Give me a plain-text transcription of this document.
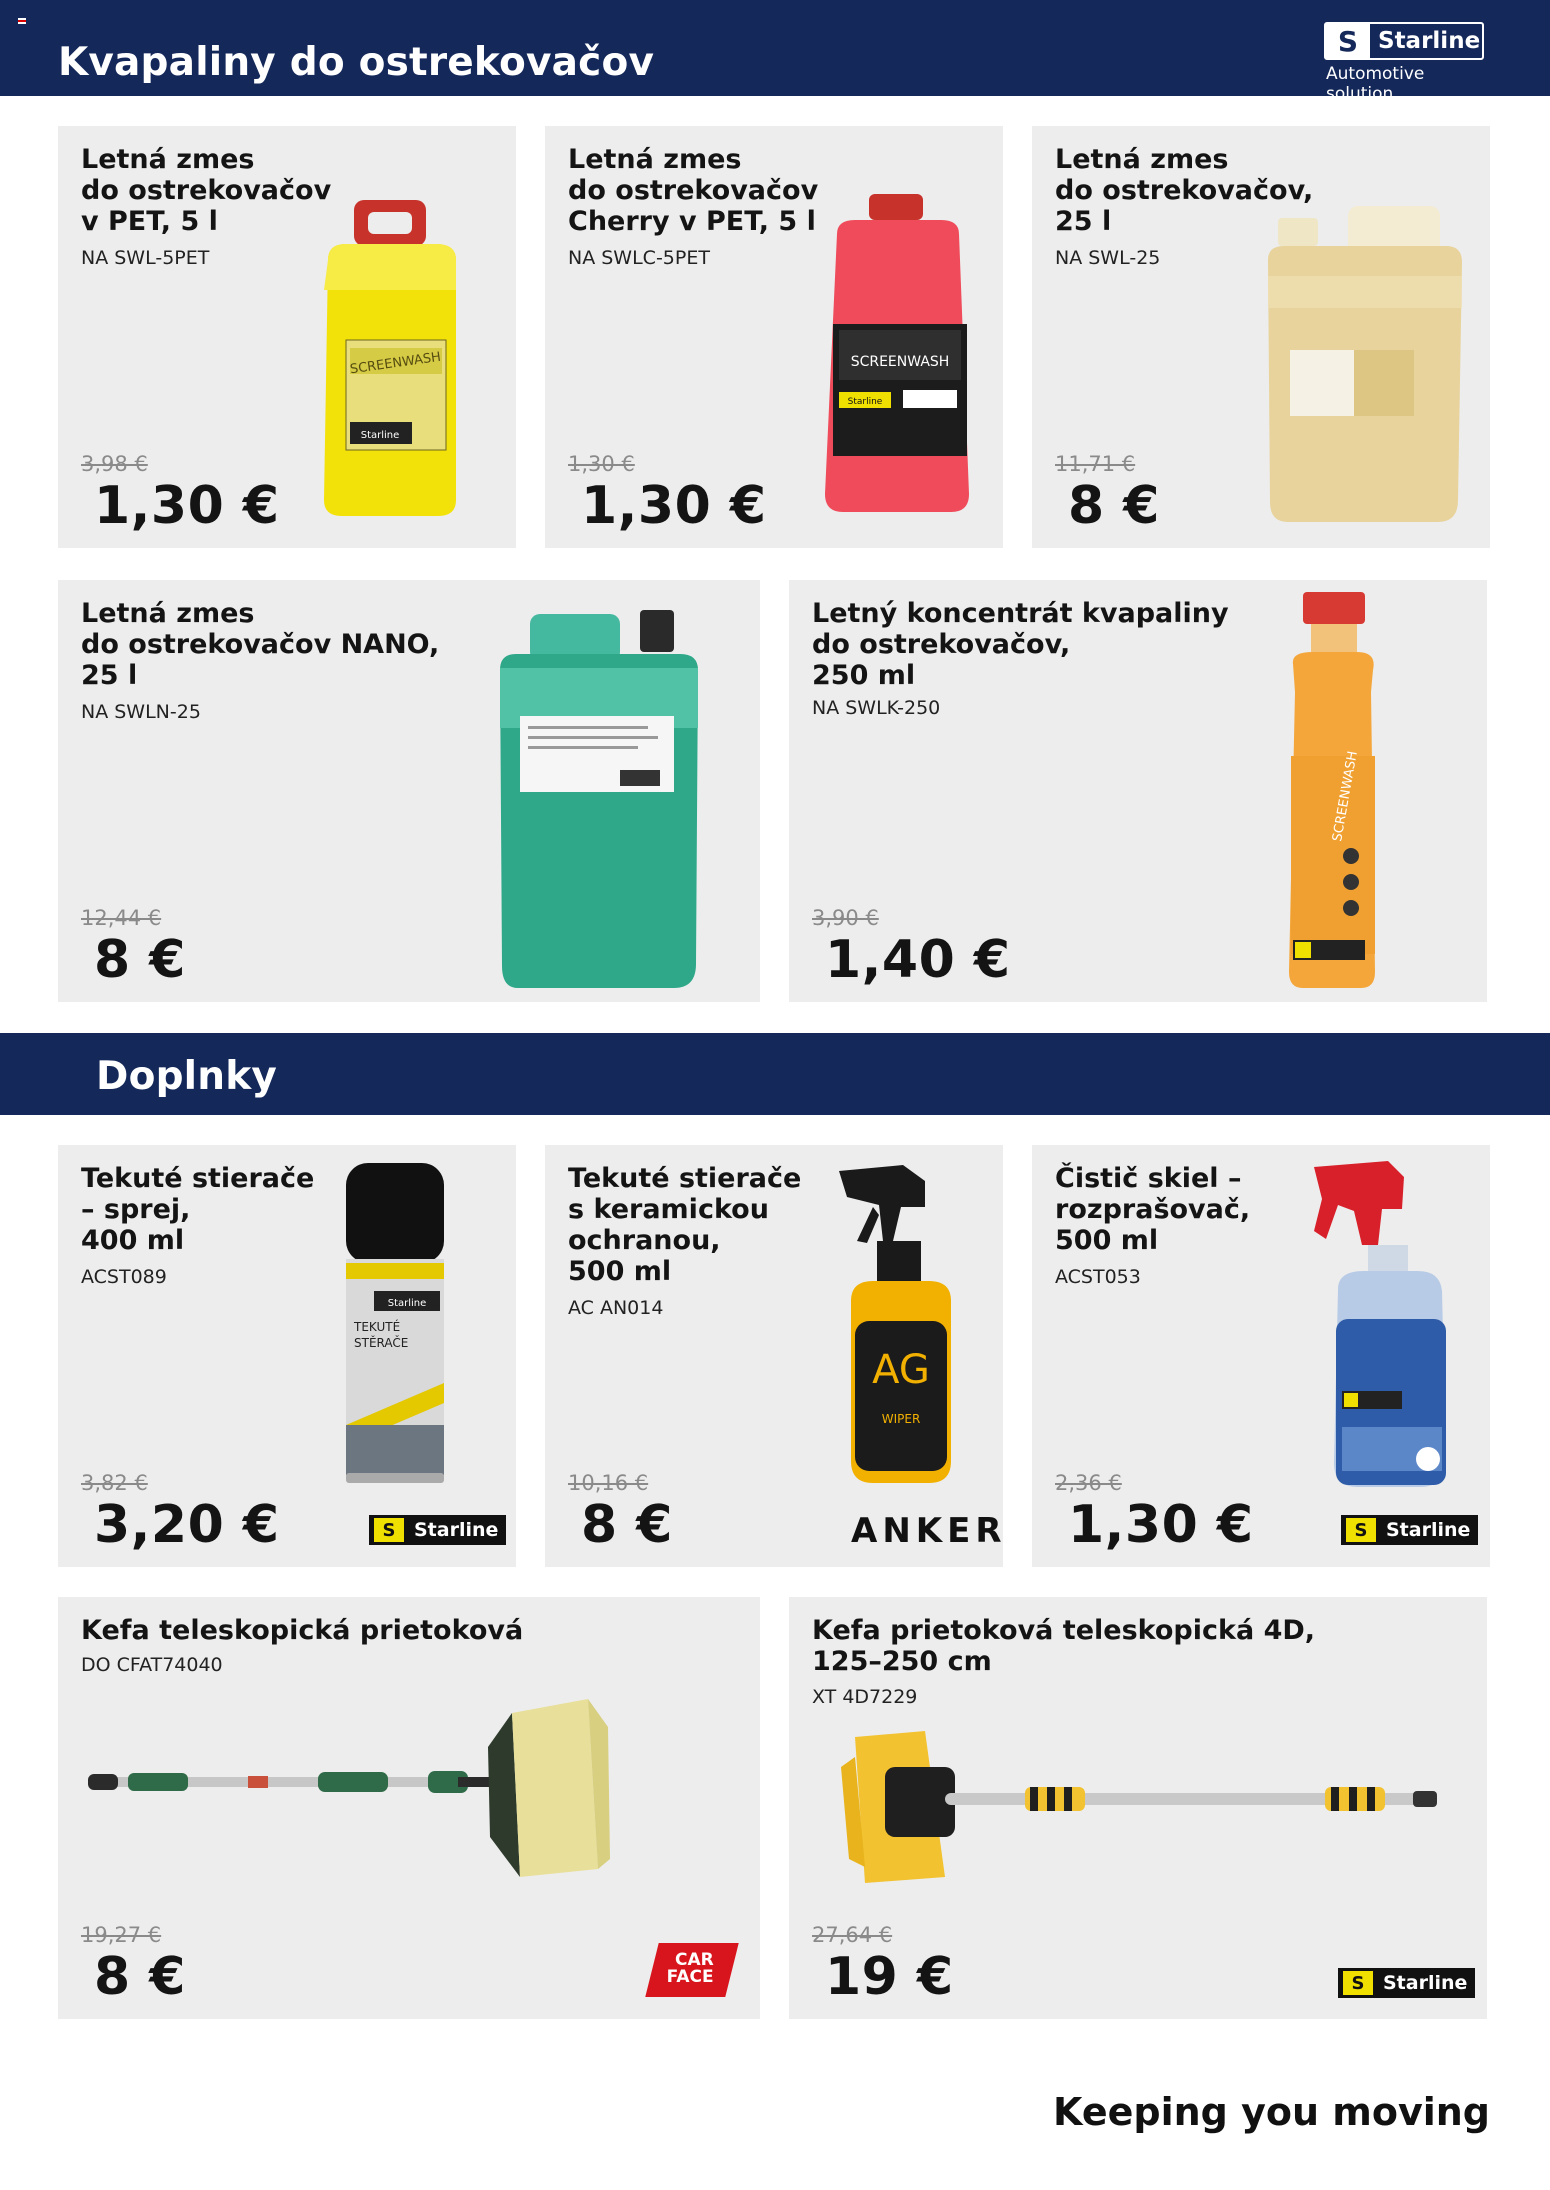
Kvapaliny do ostrekovačov	S Starline
Automotive solution
Letná zmes
do ostrekovačov
v PET, 5 l
NA SWL-5PET
SCREENWASH
Starline
3,98 €
1,30 €
Letná zmes
do ostrekovačov
Cherry v PET, 5 l
NA SWLC-5PET
SCREENWASH
Starline
1,30 €
1,30 €
Letná zmes
do ostrekovačov,
25 l
NA SWL-25
11,71 €
8 €
Letná zmes
do ostrekovačov NANO,
25 l
NA SWLN-25
12,44 €
8 €
Letný koncentrát kvapaliny
do ostrekovačov,
250 ml
NA SWLK-250
SCREENWASH
3,90 €
1,40 €
Doplnky
Tekuté stierače
– sprej,
400 ml
ACST089
Starline
TEKUTÉ
STĚRAČE
3,82 €
3,20 €	S Starline
Tekuté stierače
s keramickou
ochranou,
500 ml
AC AN014
AG
WIPER
10,16 €
8 €	ANKER
Čistič skiel –
rozprašovač,
500 ml
ACST053
2,36 €
1,30 €	S Starline
Kefa teleskopická prietoková
DO CFAT74040
19,27 €
8 €	CAR
FACE
Kefa prietoková teleskopická 4D,
125–250 cm
XT 4D7229
27,64 €
19 €	S Starline
Keeping you moving
